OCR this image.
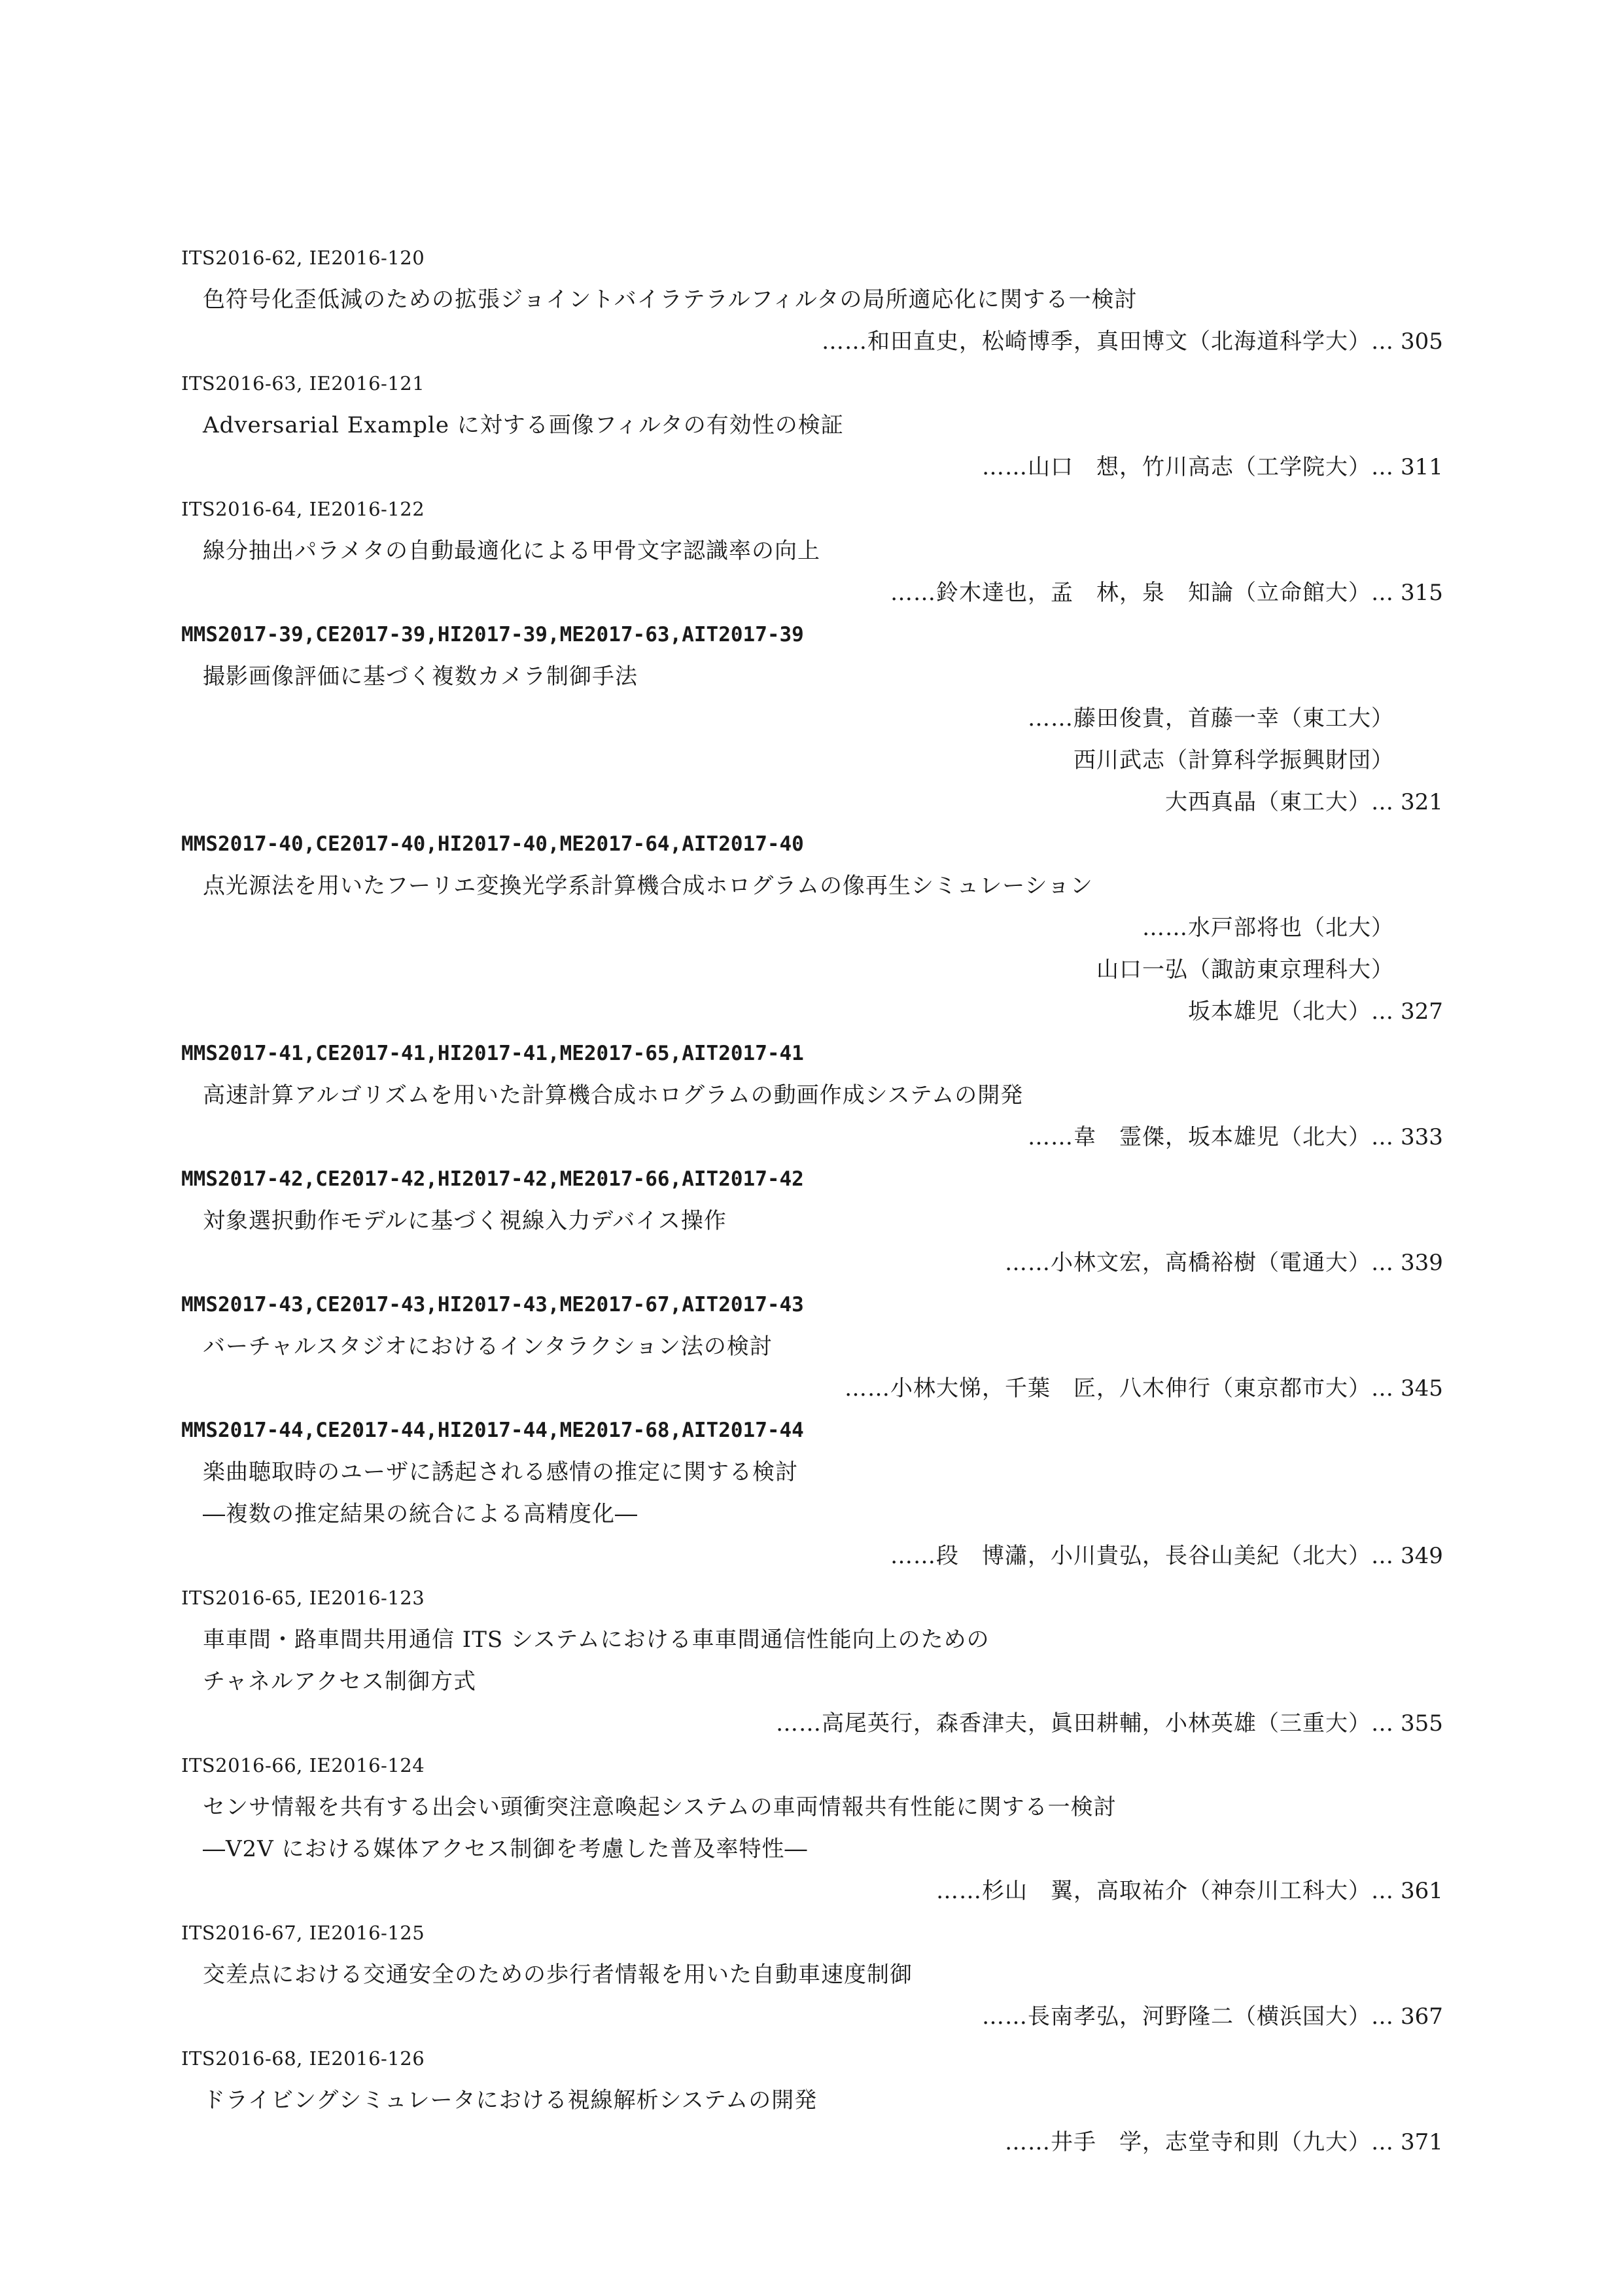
ITS2016-62, IE2016-120
色符号化歪低減のための拡張ジョイントバイラテラルフィルタの局所適応化に関する一検討
……和田直史，松崎博季，真田博文（北海道科学大）… 305
ITS2016-63, IE2016-121
Adversarial Example に対する画像フィルタの有効性の検証
……山口　想，竹川高志（工学院大）… 311
ITS2016-64, IE2016-122
線分抽出パラメタの自動最適化による甲骨文字認識率の向上
……鈴木達也，孟　林，泉　知論（立命館大）… 315
MMS2017-39,CE2017-39,HI2017-39,ME2017-63,AIT2017-39
撮影画像評価に基づく複数カメラ制御手法
……藤田俊貴，首藤一幸（東工大）
西川武志（計算科学振興財団）
大西真晶（東工大）… 321
MMS2017-40,CE2017-40,HI2017-40,ME2017-64,AIT2017-40
点光源法を用いたフーリエ変換光学系計算機合成ホログラムの像再生シミュレーション
……水戸部将也（北大）
山口一弘（諏訪東京理科大）
坂本雄児（北大）… 327
MMS2017-41,CE2017-41,HI2017-41,ME2017-65,AIT2017-41
高速計算アルゴリズムを用いた計算機合成ホログラムの動画作成システムの開発
……韋　霊傑，坂本雄児（北大）… 333
MMS2017-42,CE2017-42,HI2017-42,ME2017-66,AIT2017-42
対象選択動作モデルに基づく視線入力デバイス操作
……小林文宏，高橋裕樹（電通大）… 339
MMS2017-43,CE2017-43,HI2017-43,ME2017-67,AIT2017-43
バーチャルスタジオにおけるインタラクション法の検討
……小林大悌，千葉　匠，八木伸行（東京都市大）… 345
MMS2017-44,CE2017-44,HI2017-44,ME2017-68,AIT2017-44
楽曲聴取時のユーザに誘起される感情の推定に関する検討
―複数の推定結果の統合による高精度化―
……段　博瀟，小川貴弘，長谷山美紀（北大）… 349
ITS2016-65, IE2016-123
車車間・路車間共用通信 ITS システムにおける車車間通信性能向上のための
チャネルアクセス制御方式
……高尾英行，森香津夫，眞田耕輔，小林英雄（三重大）… 355
ITS2016-66, IE2016-124
センサ情報を共有する出会い頭衝突注意喚起システムの車両情報共有性能に関する一検討
―V2V における媒体アクセス制御を考慮した普及率特性―
……杉山　翼，高取祐介（神奈川工科大）… 361
ITS2016-67, IE2016-125
交差点における交通安全のための歩行者情報を用いた自動車速度制御
……長南孝弘，河野隆二（横浜国大）… 367
ITS2016-68, IE2016-126
ドライビングシミュレータにおける視線解析システムの開発
……井手　学，志堂寺和則（九大）… 371
